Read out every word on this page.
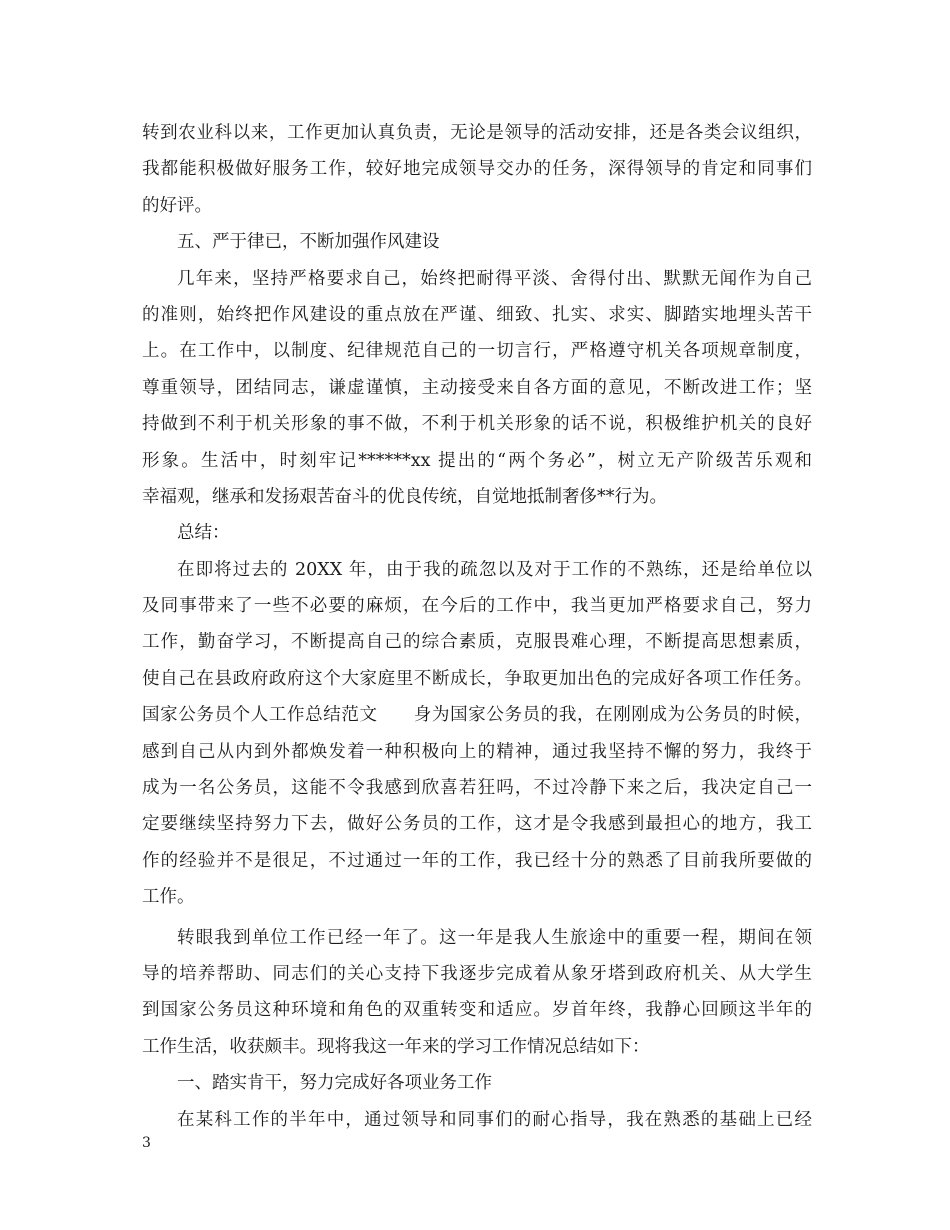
转到农业科以来，工作更加认真负责，无论是领导的活动安排，还是各类会议组织，
我都能积极做好服务工作，较好地完成领导交办的任务，深得领导的肯定和同事们
的好评。
五、严于律已，不断加强作风建设
几年来，坚持严格要求自己，始终把耐得平淡、舍得付出、默默无闻作为自己
的准则，始终把作风建设的重点放在严谨、细致、扎实、求实、脚踏实地埋头苦干
上。在工作中，以制度、纪律规范自己的一切言行，严格遵守机关各项规章制度，
尊重领导，团结同志，谦虚谨慎，主动接受来自各方面的意见，不断改进工作；坚
持做到不利于机关形象的事不做，不利于机关形象的话不说，积极维护机关的良好
形象。生活中，时刻牢记******xx 提出的“两个务必”，树立无产阶级苦乐观和
幸福观，继承和发扬艰苦奋斗的优良传统，自觉地抵制奢侈**行为。
总结：
在即将过去的 20XX 年，由于我的疏忽以及对于工作的不熟练，还是给单位以
及同事带来了一些不必要的麻烦，在今后的工作中，我当更加严格要求自己，努力
工作，勤奋学习，不断提高自己的综合素质，克服畏难心理，不断提高思想素质，
使自己在县政府政府这个大家庭里不断成长，争取更加出色的完成好各项工作任务。
国家公务员个人工作总结范文　　身为国家公务员的我，在刚刚成为公务员的时候，
感到自己从内到外都焕发着一种积极向上的精神，通过我坚持不懈的努力，我终于
成为一名公务员，这能不令我感到欣喜若狂吗，不过冷静下来之后，我决定自己一
定要继续坚持努力下去，做好公务员的工作，这才是令我感到最担心的地方，我工
作的经验并不是很足，不过通过一年的工作，我已经十分的熟悉了目前我所要做的
工作。
转眼我到单位工作已经一年了。这一年是我人生旅途中的重要一程，期间在领
导的培养帮助、同志们的关心支持下我逐步完成着从象牙塔到政府机关、从大学生
到国家公务员这种环境和角色的双重转变和适应。岁首年终，我静心回顾这半年的
工作生活，收获颇丰。现将我这一年来的学习工作情况总结如下：
一、踏实肯干，努力完成好各项业务工作
在某科工作的半年中，通过领导和同事们的耐心指导，我在熟悉的基础上已经
3
